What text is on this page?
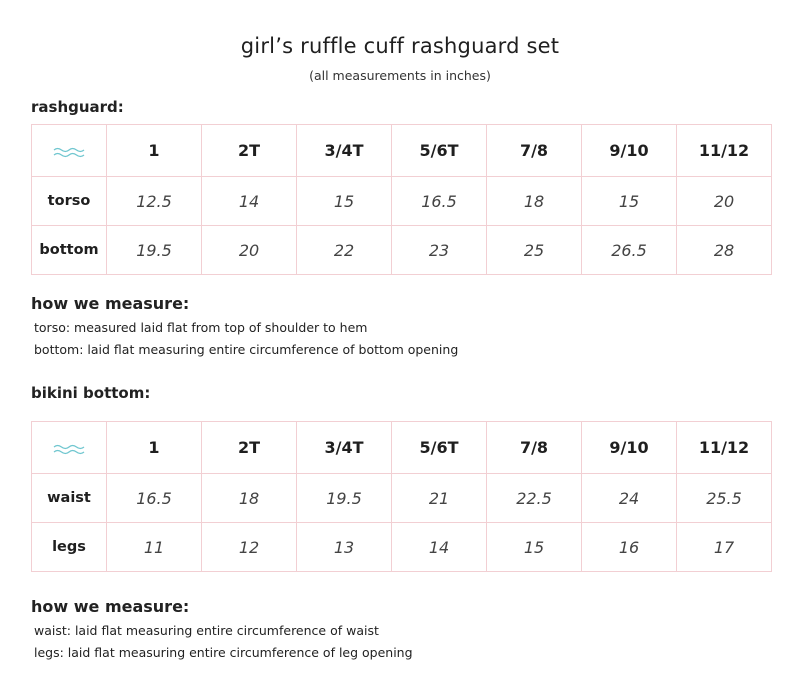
girl’s ruffle cuff rashguard set
(all measurements in inches)
rashguard:
	1	2T	3/4T	5/6T	7/8	9/10	11/12
torso	12.5	14	15	16.5	18	15	20
bottom	19.5	20	22	23	25	26.5	28
how we measure:
torso: measured laid flat from top of shoulder to hem
bottom: laid flat measuring entire circumference of bottom opening
bikini bottom:
	1	2T	3/4T	5/6T	7/8	9/10	11/12
waist	16.5	18	19.5	21	22.5	24	25.5
legs	11	12	13	14	15	16	17
how we measure:
waist: laid flat measuring entire circumference of waist
legs: laid flat measuring entire circumference of leg opening
